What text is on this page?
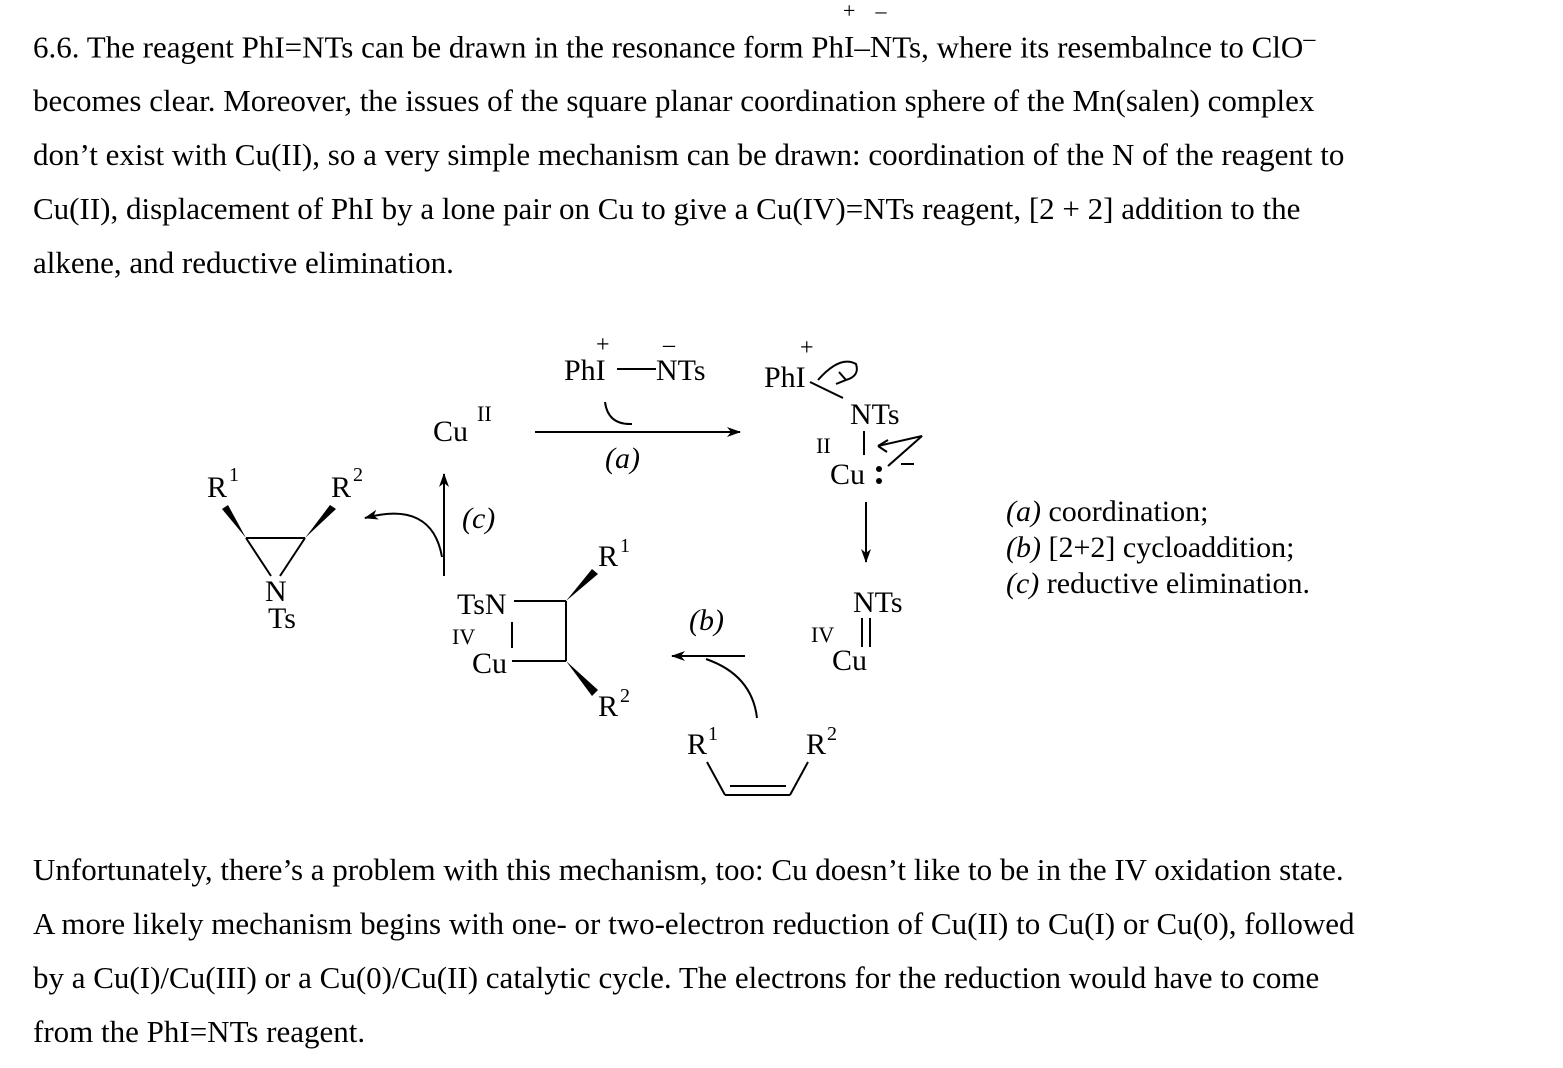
6.6. The reagent PhI=NTs can be drawn in the resonance form Ph
+
I–
–
NTs, where its resembalnce to ClO–
becomes clear. Moreover, the issues of the square planar coordination sphere of the Mn(salen) complex
don’t exist with Cu(II), so a very simple mechanism can be drawn: coordination of the N of the reagent to
Cu(II), displacement of PhI by a lone pair on Cu to give a Cu(IV)=NTs reagent, [2 + 2] addition to the
alkene, and reductive elimination.
+ –
PhI NTs
Cu
II
(a)
+
PhI
NTs
II
Cu
NTs
IV
Cu
R 1	R 2
(b)
TsN
IV
Cu
R 1
R 2
(c)
R 1	R 2
N
Ts
(a) coordination;
(b) [2+2] cycloaddition;
(c) reductive elimination.
Unfortunately, there’s a problem with this mechanism, too: Cu doesn’t like to be in the IV oxidation state.
A more likely mechanism begins with one- or two-electron reduction of Cu(II) to Cu(I) or Cu(0), followed
by a Cu(I)/Cu(III) or a Cu(0)/Cu(II) catalytic cycle. The electrons for the reduction would have to come
from the PhI=NTs reagent.
